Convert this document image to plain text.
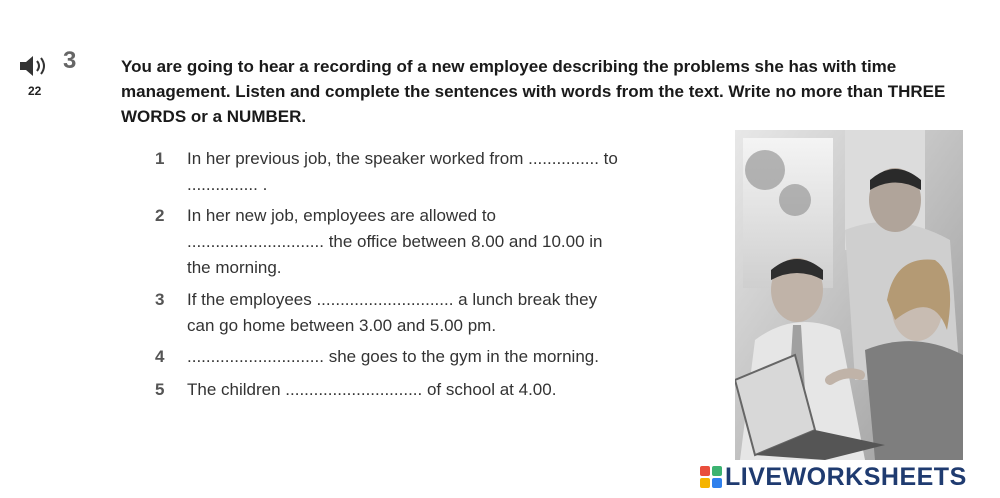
22
3	You are going to hear a recording of a new employee describing the problems she has with time management. Listen and complete the sentences with words from the text. Write no more than THREE WORDS or a NUMBER.
1 In her previous job, the speaker worked from ............... to
............... .
2 In her new job, employees are allowed to
............................. the office between 8.00 and 10.00 in
the morning.
3 If the employees ............................. a lunch break they
can go home between 3.00 and 5.00 pm.
4 ............................. she goes to the gym in the morning.
5 The children ............................. of school at 4.00.
LIVEWORKSHEETS
